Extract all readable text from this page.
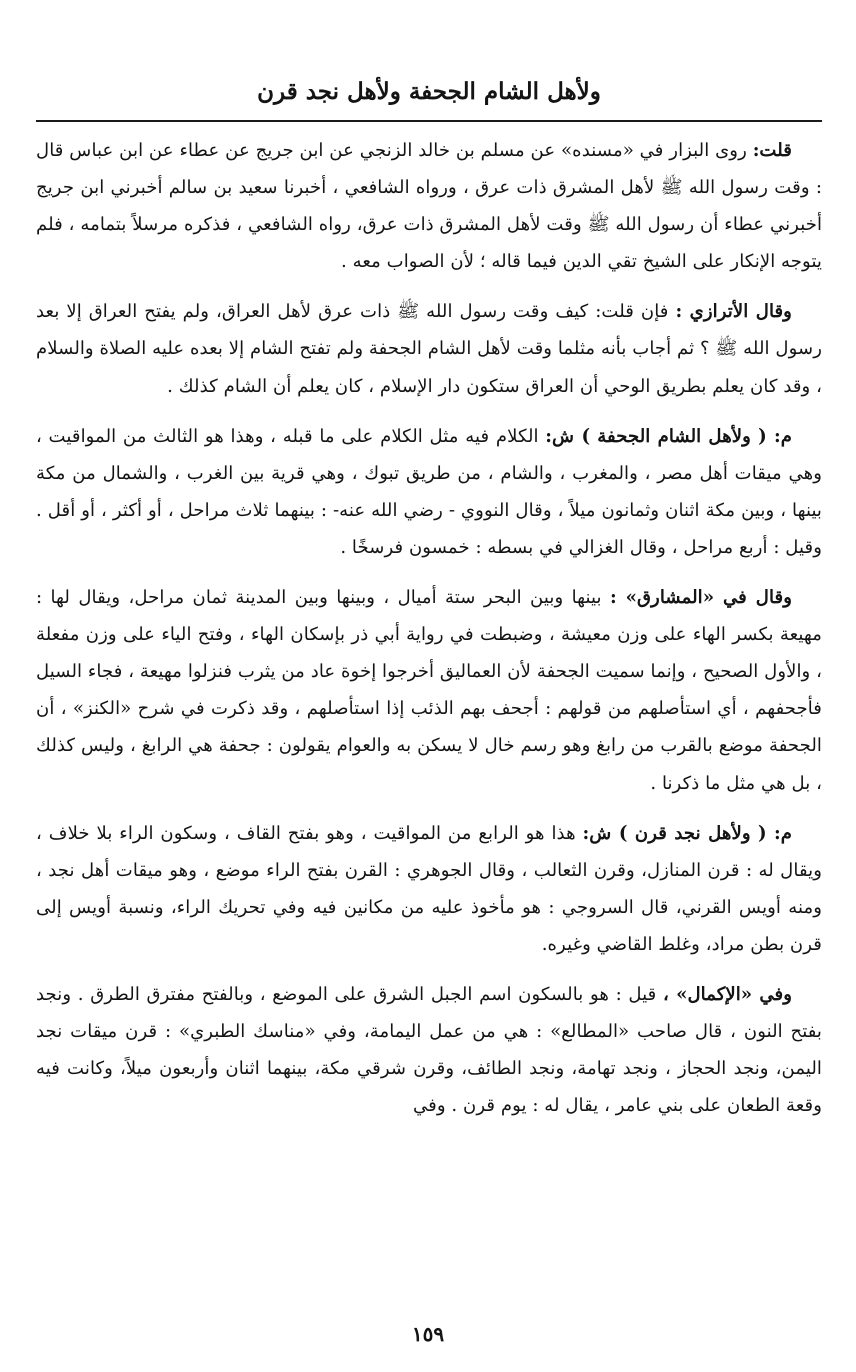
ولأهل الشام الجحفة ولأهل نجد قرن

قلت: روى البزار في «مسنده» عن مسلم بن خالد الزنجي عن ابن جريج عن عطاء عن ابن عباس قال : وقت رسول الله ﷺ لأهل المشرق ذات عرق ، ورواه الشافعي ، أخبرنا سعيد بن سالم أخبرني ابن جريج أخبرني عطاء أن رسول الله ﷺ وقت لأهل المشرق ذات عرق، رواه الشافعي ، فذكره مرسلاً بتمامه ، فلم يتوجه الإنكار على الشيخ تقي الدين فيما قاله ؛ لأن الصواب معه .

وقال الأترازي : فإن قلت: كيف وقت رسول الله ﷺ ذات عرق لأهل العراق، ولم يفتح العراق إلا بعد رسول الله ﷺ ؟ ثم أجاب بأنه مثلما وقت لأهل الشام الجحفة ولم تفتح الشام إلا بعده عليه الصلاة والسلام ، وقد كان يعلم بطريق الوحي أن العراق ستكون دار الإسلام ، كان يعلم أن الشام كذلك .

م: ( ولأهل الشام الجحفة ) ش: الكلام فيه مثل الكلام على ما قبله ، وهذا هو الثالث من المواقيت ، وهي ميقات أهل مصر ، والمغرب ، والشام ، من طريق تبوك ، وهي قرية بين الغرب ، والشمال من مكة بينها ، وبين مكة اثنان وثمانون ميلاً ، وقال النووي - رضي الله عنه- : بينهما ثلاث مراحل ، أو أكثر ، أو أقل . وقيل : أربع مراحل ، وقال الغزالي في بسطه : خمسون فرسخًا .

وقال في «المشارق» : بينها وبين البحر ستة أميال ، وبينها وبين المدينة ثمان مراحل، ويقال لها : مهيعة بكسر الهاء على وزن معيشة ، وضبطت في رواية أبي ذر بإسكان الهاء ، وفتح الياء على وزن مفعلة ، والأول الصحيح ، وإنما سميت الجحفة لأن العماليق أخرجوا إخوة عاد من يثرب فنزلوا مهيعة ، فجاء السيل فأجحفهم ، أي استأصلهم من قولهم : أجحف بهم الذئب إذا استأصلهم ، وقد ذكرت في شرح «الكنز» ، أن الجحفة موضع بالقرب من رابغ وهو رسم خال لا يسكن به والعوام يقولون : جحفة هي الرابغ ، وليس كذلك ، بل هي مثل ما ذكرنا .

م: ( ولأهل نجد قرن ) ش: هذا هو الرابع من المواقيت ، وهو بفتح القاف ، وسكون الراء بلا خلاف ، ويقال له : قرن المنازل، وقرن الثعالب ، وقال الجوهري : القرن بفتح الراء موضع ، وهو ميقات أهل نجد ، ومنه أويس القرني، قال السروجي : هو مأخوذ عليه من مكانين فيه وفي تحريك الراء، ونسبة أويس إلى قرن بطن مراد، وغلط القاضي وغيره.

وفي «الإكمال» ، قيل : هو بالسكون اسم الجبل الشرق على الموضع ، وبالفتح مفترق الطرق . ونجد بفتح النون ، قال صاحب «المطالع» : هي من عمل اليمامة، وفي «مناسك الطبري» : قرن ميقات نجد اليمن، ونجد الحجاز ، ونجد تهامة، ونجد الطائف، وقرن شرقي مكة، بينهما اثنان وأربعون ميلاً، وكانت فيه وقعة الطعان على بني عامر ، يقال له : يوم قرن . وفي

١٥٩
